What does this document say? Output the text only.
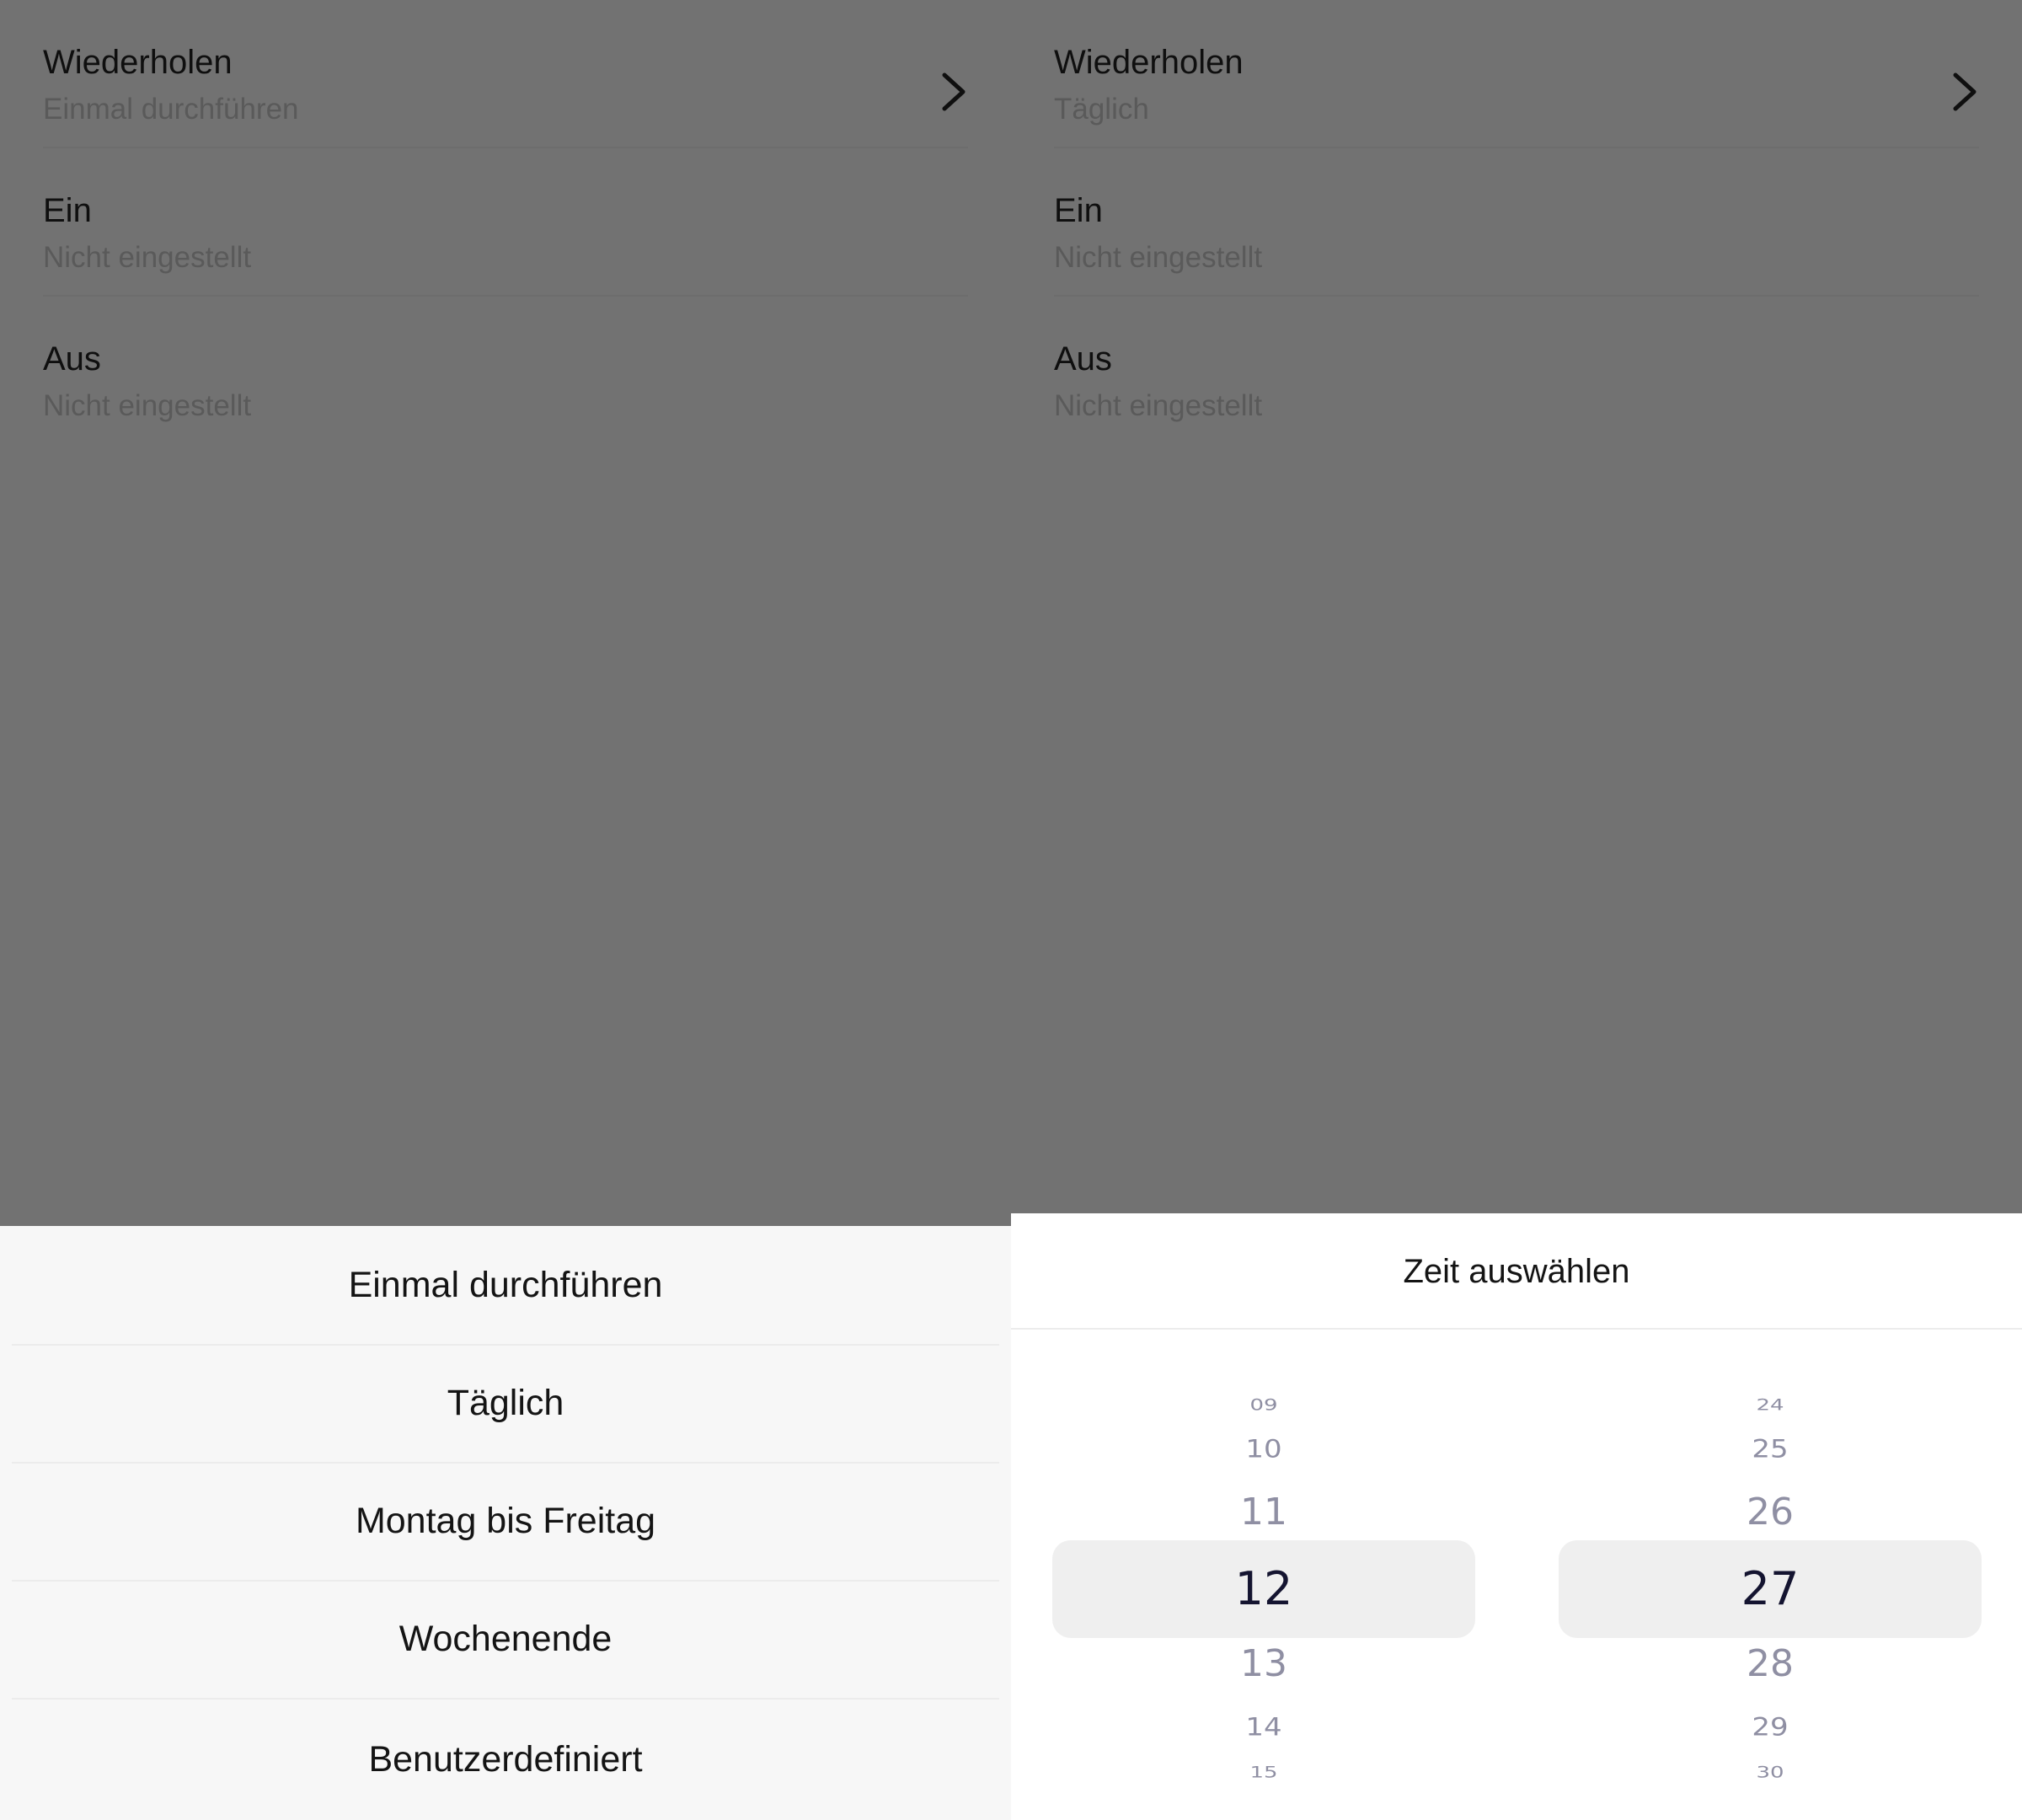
Wiederholen
Einmal durchführen
Ein
Nicht eingestellt
Aus
Nicht eingestellt
Einmal durchführen
Täglich
Montag bis Freitag
Wochenende
Benutzerdefiniert
Wiederholen
Täglich
Ein
Nicht eingestellt
Aus
Nicht eingestellt
Zeit auswählen
09
10
11
12
13
14
15
24
25
26
27
28
29
30
